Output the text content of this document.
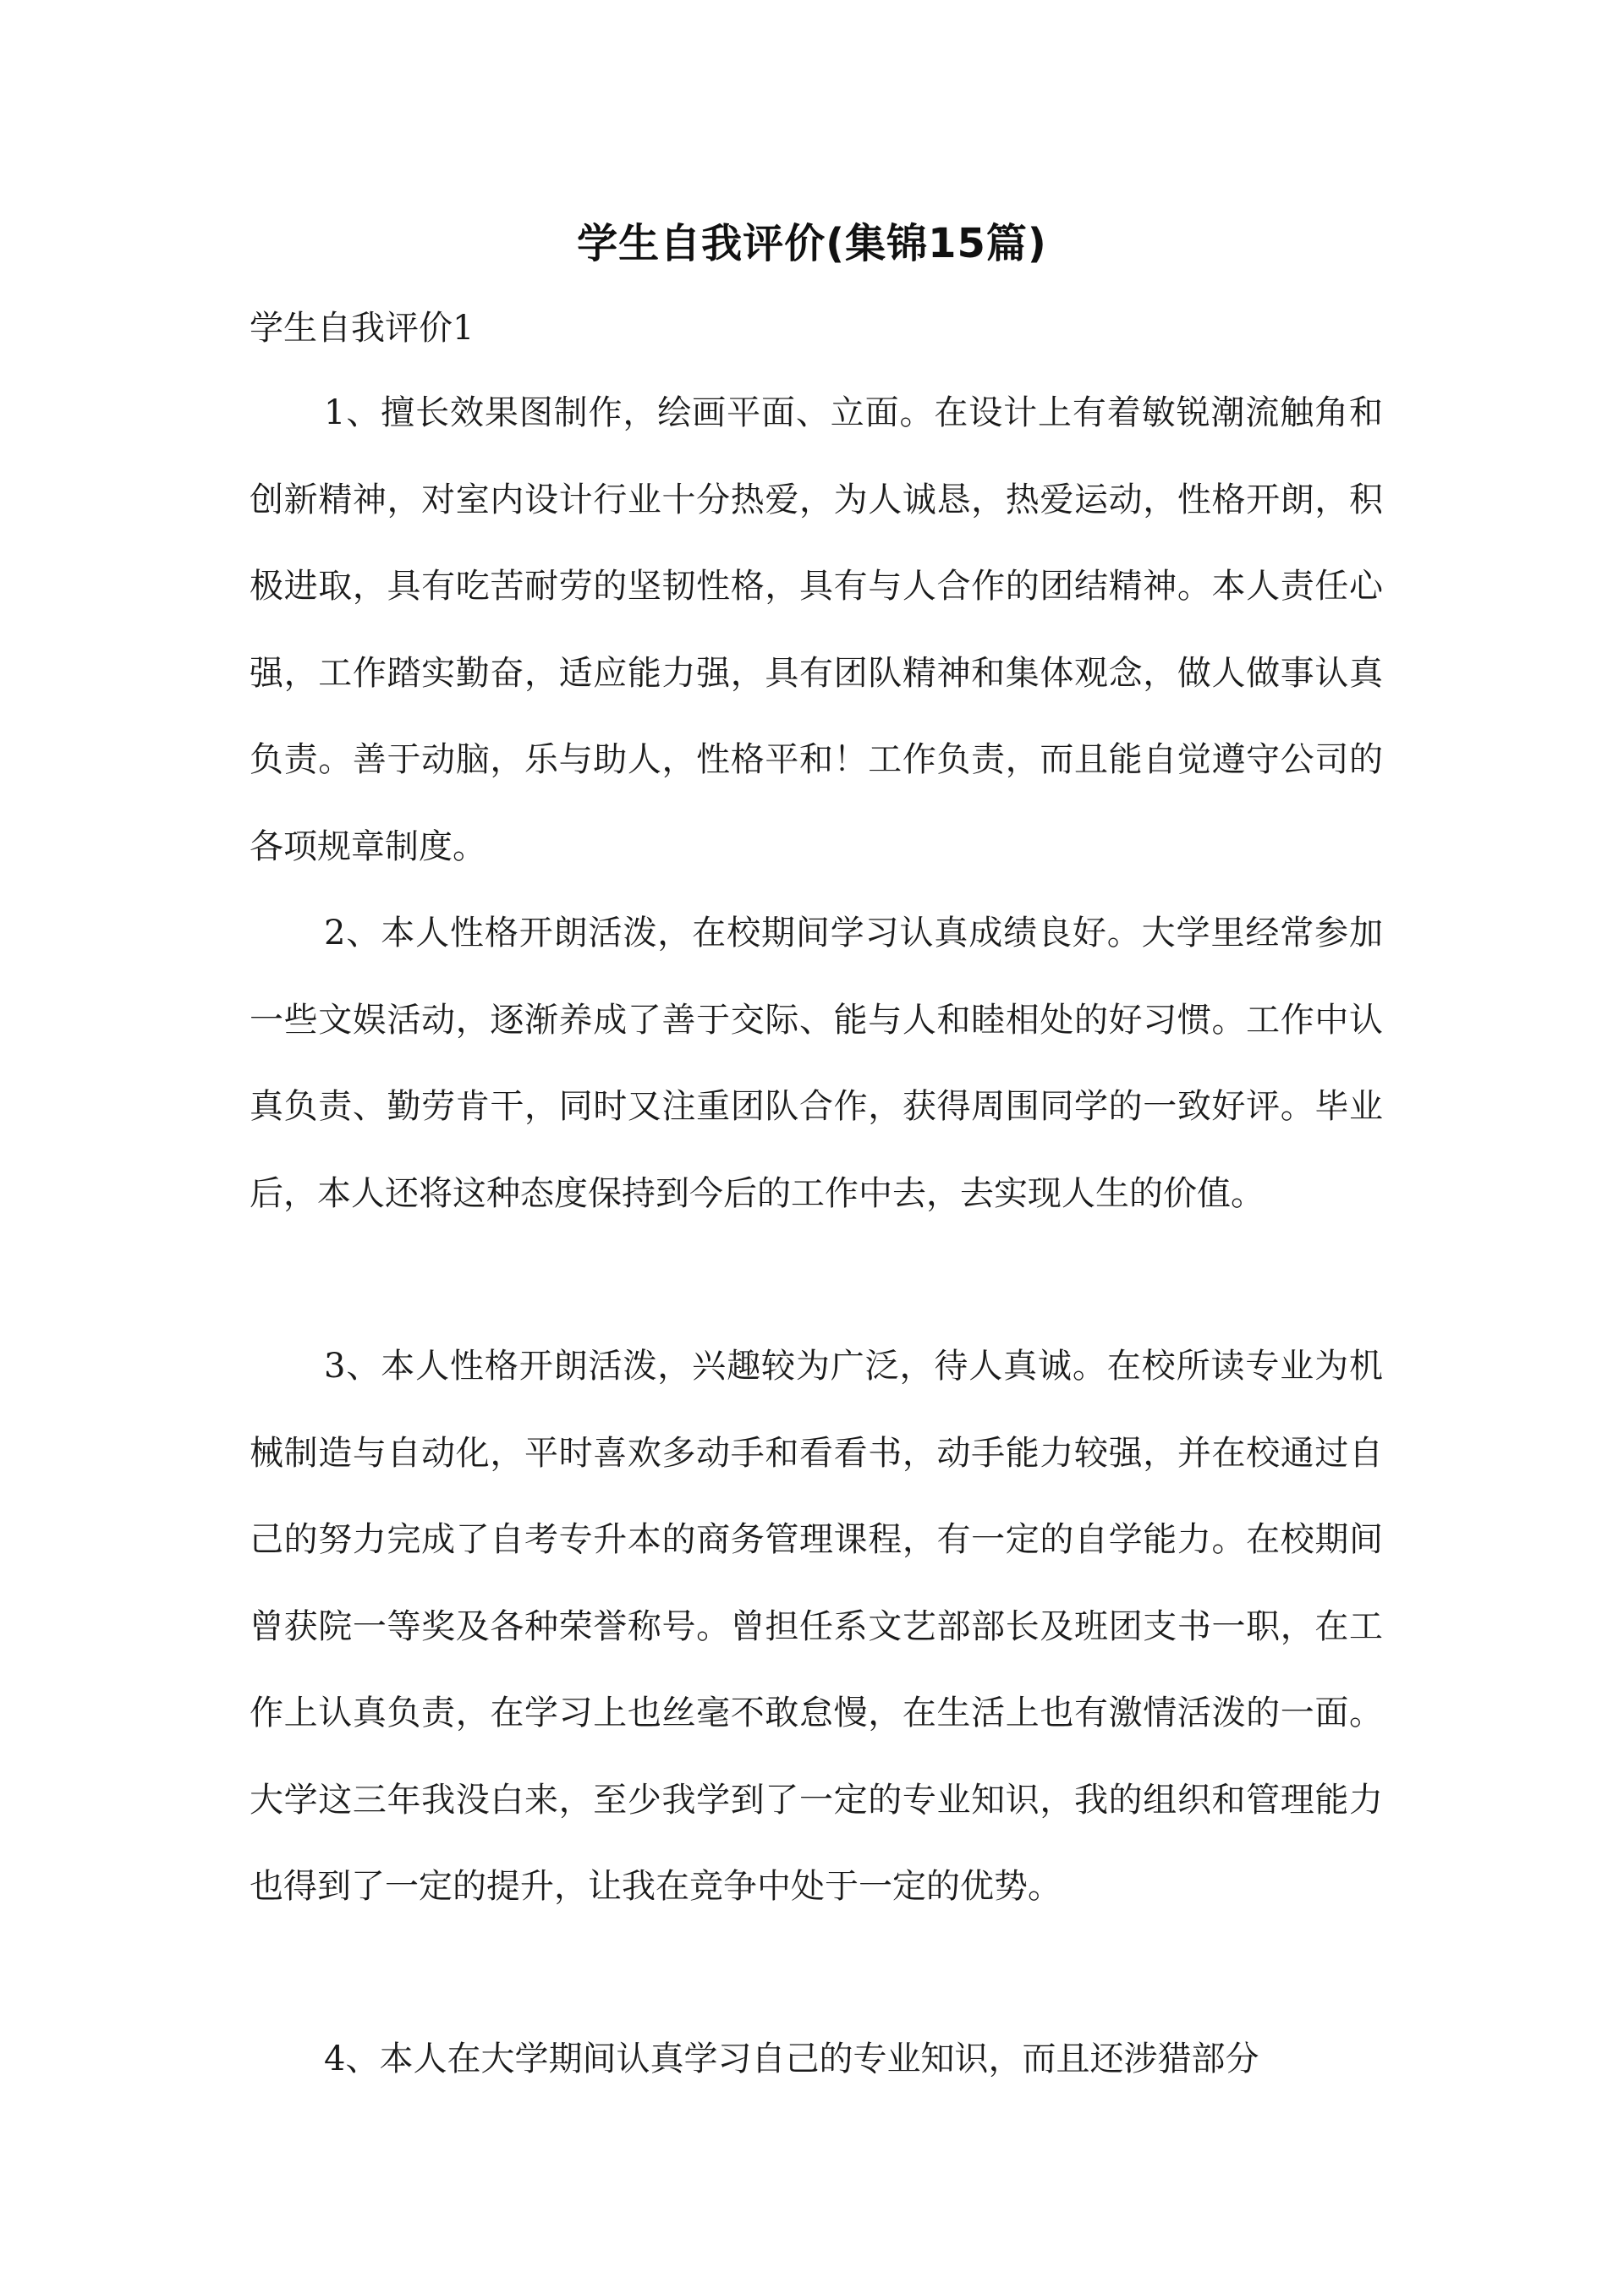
学生自我评价(集锦15篇)
学生自我评价1

1、擅长效果图制作，绘画平面、立面。在设计上有着敏锐潮流触角和创新精神，对室内设计行业十分热爱，为人诚恳，热爱运动，性格开朗，积极进取，具有吃苦耐劳的坚韧性格，具有与人合作的团结精神。本人责任心强，工作踏实勤奋，适应能力强，具有团队精神和集体观念，做人做事认真负责。善于动脑，乐与助人，性格平和！工作负责，而且能自觉遵守公司的各项规章制度。

2、本人性格开朗活泼，在校期间学习认真成绩良好。大学里经常参加一些文娱活动，逐渐养成了善于交际、能与人和睦相处的好习惯。工作中认真负责、勤劳肯干，同时又注重团队合作，获得周围同学的一致好评。毕业后，本人还将这种态度保持到今后的工作中去，去实现人生的价值。

3、本人性格开朗活泼，兴趣较为广泛，待人真诚。在校所读专业为机械制造与自动化，平时喜欢多动手和看看书，动手能力较强，并在校通过自己的努力完成了自考专升本的商务管理课程，有一定的自学能力。在校期间曾获院一等奖及各种荣誉称号。曾担任系文艺部部长及班团支书一职，在工作上认真负责，在学习上也丝毫不敢怠慢，在生活上也有激情活泼的一面。大学这三年我没白来，至少我学到了一定的专业知识，我的组织和管理能力也得到了一定的提升，让我在竞争中处于一定的优势。

4、本人在大学期间认真学习自己的专业知识，而且还涉猎部分
